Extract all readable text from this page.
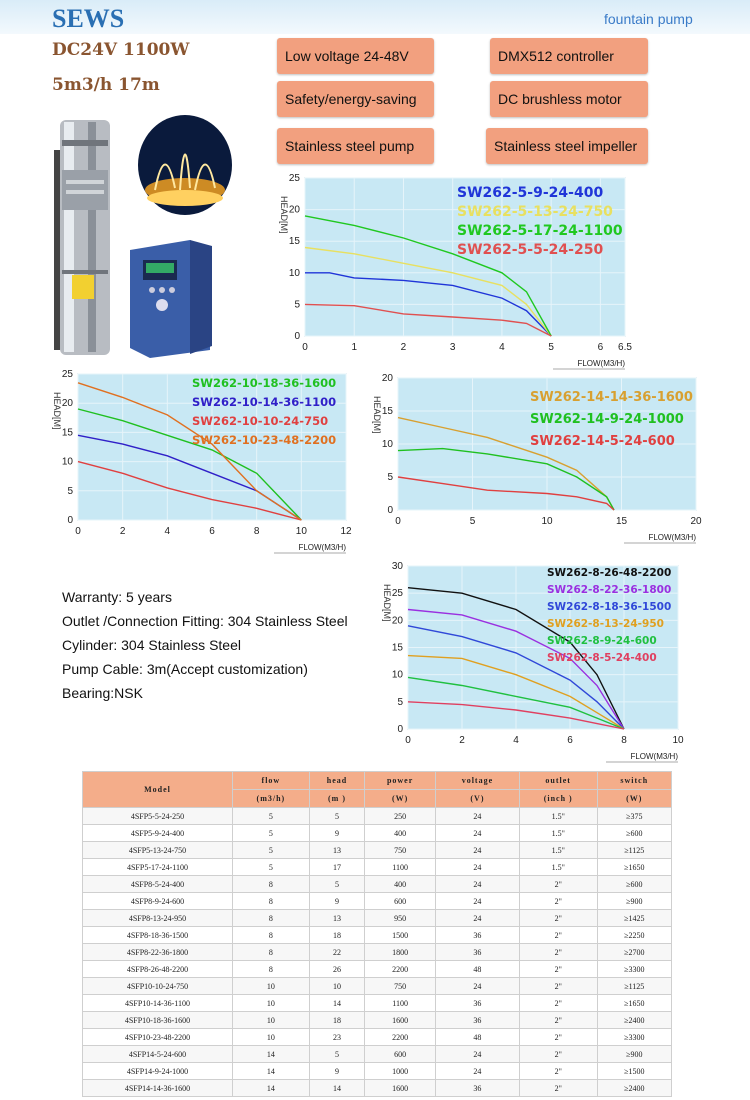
SEWS	fountain pump
DC24V 1100W
5m3/h 17m
Low voltage 24-48V	DMX512 controller
Safety/energy-saving	DC brushless motor
Stainless steel pump	Stainless steel impeller
0	1	2	3	4	5	6 6.5
0
5
10
15
20
25
HEAD[M]
FLOW(M3/H)
SW262-5-9-24-400
SW262-5-13-24-750
SW262-5-17-24-1100
SW262-5-5-24-250
0	2	4	6	8	10	12
0
5
10
15
20
25
HEAD[M]
FLOW(M3/H)
SW262-10-18-36-1600
SW262-10-14-36-1100
SW262-10-10-24-750
SW262-10-23-48-2200
0	5	10	15	20
0
5
10
15
20
HEAD[M]
FLOW(M3/H)
SW262-14-14-36-1600
SW262-14-9-24-1000
SW262-14-5-24-600
0	2	4	6	8	10
0
5
10
15
20
25
30
HEAD[M]
FLOW(M3/H)
SW262-8-26-48-2200
SW262-8-22-36-1800
SW262-8-18-36-1500
SW262-8-13-24-950
SW262-8-9-24-600
SW262-8-5-24-400
Warranty: 5 years
Outlet /Connection Fitting: 304 Stainless Steel
Cylinder: 304 Stainless Steel
Pump Cable: 3m(Accept customization)
Bearing:NSK
Model	flow	head	power	voltage	outlet	switch
	(m3/h)	(m )	(W)	(V)	(inch )	(W)
4SFP5-5-24-250	5	5	250	24	1.5"	≥375
4SFP5-9-24-400	5	9	400	24	1.5"	≥600
4SFP5-13-24-750	5	13	750	24	1.5"	≥1125
4SFP5-17-24-1100	5	17	1100	24	1.5"	≥1650
4SFP8-5-24-400	8	5	400	24	2"	≥600
4SFP8-9-24-600	8	9	600	24	2"	≥900
4SFP8-13-24-950	8	13	950	24	2"	≥1425
4SFP8-18-36-1500	8	18	1500	36	2"	≥2250
4SFP8-22-36-1800	8	22	1800	36	2"	≥2700
4SFP8-26-48-2200	8	26	2200	48	2"	≥3300
4SFP10-10-24-750	10	10	750	24	2"	≥1125
4SFP10-14-36-1100	10	14	1100	36	2"	≥1650
4SFP10-18-36-1600	10	18	1600	36	2"	≥2400
4SFP10-23-48-2200	10	23	2200	48	2"	≥3300
4SFP14-5-24-600	14	5	600	24	2"	≥900
4SFP14-9-24-1000	14	9	1000	24	2"	≥1500
4SFP14-14-36-1600	14	14	1600	36	2"	≥2400
